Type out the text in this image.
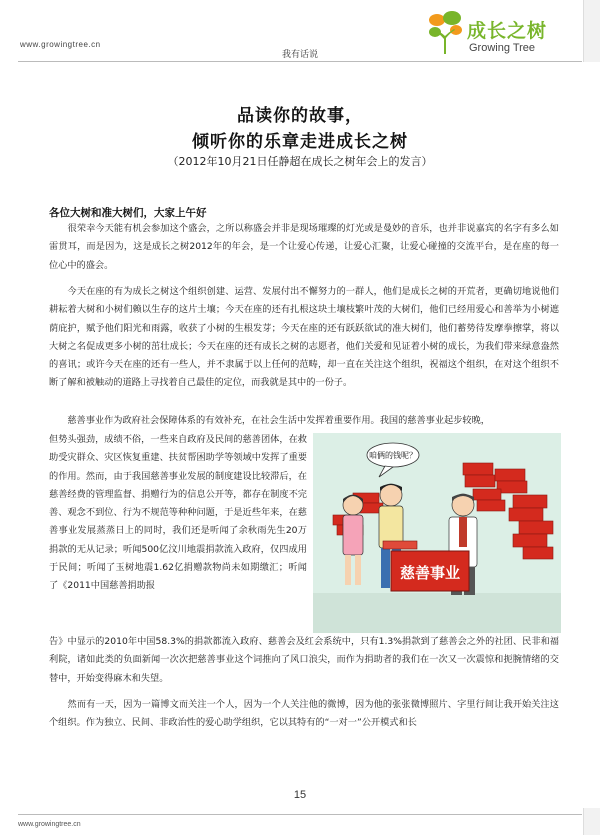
www.growingtree.cn
我有话说
成长之树
Growing Tree
品读你的故事，
倾听你的乐章走进成长之树
（2012年10月21日任静超在成长之树年会上的发言）
各位大树和准大树们，大家上午好

　　很荣幸今天能有机会参加这个盛会，之所以称盛会并非是现场璀璨的灯光或是曼妙的音乐，也并非说嘉宾的名字有多么如雷贯耳，而是因为，这是成长之树2012年的年会，是一个让爱心传递，让爱心汇聚，让爱心碰撞的交流平台，是在座的每一位心中的盛会。

　　今天在座的有为成长之树这个组织创建、运营、发展付出不懈努力的一群人，他们是成长之树的开荒者，更确切地说他们耕耘着大树和小树们赖以生存的这片土壤；今天在座的还有扎根这块土壤枝繁叶茂的大树们，他们已经用爱心和善举为小树遮荫庇护，赋予他们阳光和雨露，收获了小树的生根发芽；今天在座的还有跃跃欲试的准大树们，他们蓄势待发摩拳擦掌，将以大树之名促成更多小树的茁壮成长；今天在座的还有成长之树的志愿者，他们关爱和见证着小树的成长，为我们带来绿意盎然的喜讯；或许今天在座的还有一些人，并不隶属于以上任何的范畴，却一直在关注这个组织，祝福这个组织，在对这个组织不断了解和被触动的道路上寻找着自己最佳的定位，而我就是其中的一份子。

　　慈善事业作为政府社会保障体系的有效补充，在社会生活中发挥着重要作用。我国的慈善事业起步较晚，

但势头强劲，成绩不俗，一些来自政府及民间的慈善团体，在救助受灾群众、灾区恢复重建、扶贫帮困助学等领域中发挥了重要的作用。然而，由于我国慈善事业发展的制度建设比较滞后，在慈善经费的管理监督、捐赠行为的信息公开等，都存在制度不完善、观念不到位、行为不规范等种种问题，于是近些年来，在慈善事业发展蒸蒸日上的同时，我们还是听闻了余秋雨先生20万捐款的无从记录；听闻500亿汶川地震捐款流入政府，仅四成用于民间；听闻了玉树地震1.62亿捐赠款物尚未如期缴汇；听闻了《2011中国慈善捐助报

告》中显示的2010年中国58.3%的捐款都流入政府、慈善会及红会系统中，只有1.3%捐款到了慈善会之外的社团、民非和福利院，诸如此类的负面新闻一次次把慈善事业这个词推向了风口浪尖，而作为捐助者的我们在一次又一次震惊和扼腕情绪的交替中，开始变得麻木和失望。

　　然而有一天，因为一篇博文而关注一个人，因为一个人关注他的微博，因为他的张张微博照片、字里行间让我开始关注这个组织。作为独立、民间、非政治性的爱心助学组织，它以其特有的“一对一”公开模式和长

咱俩的钱呢？
慈善事业
15
www.growingtree.cn
